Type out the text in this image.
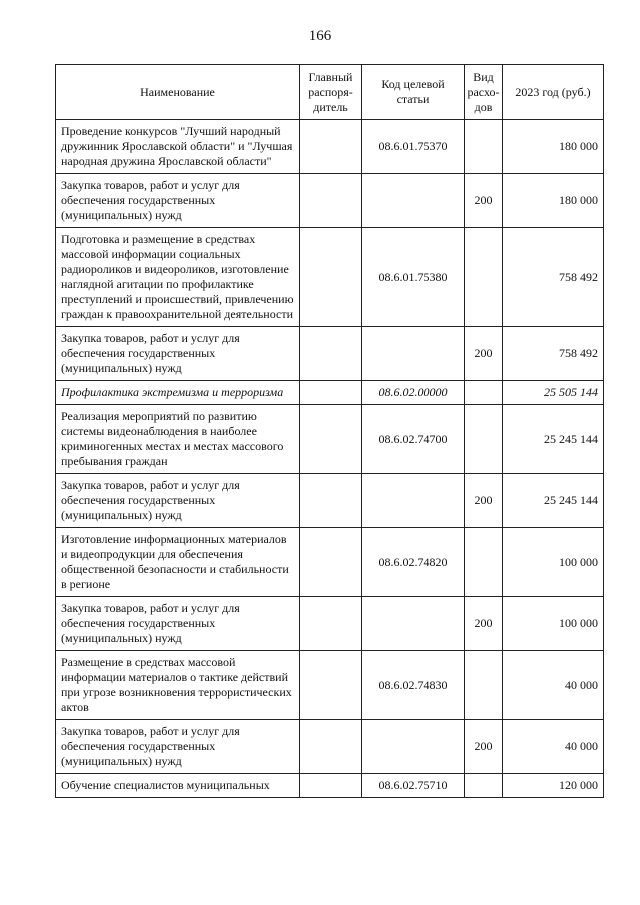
166
Наименование	Главный распоря-дитель	Код целевой статьи	Вид расхо-дов	2023 год (руб.)
Проведение конкурсов "Лучший народный дружинник Ярославской области" и "Лучшая народная дружина Ярославской области"		08.6.01.75370		180 000
Закупка товаров, работ и услуг для обеспечения государственных (муниципальных) нужд			200	180 000
Подготовка и размещение в средствах массовой информации социальных радиороликов и видеороликов, изготовление наглядной агитации по профилактике преступлений и происшествий, привлечению граждан к правоохранительной деятельности		08.6.01.75380		758 492
Закупка товаров, работ и услуг для обеспечения государственных (муниципальных) нужд			200	758 492
Профилактика экстремизма и терроризма		08.6.02.00000		25 505 144
Реализация мероприятий по развитию системы видеонаблюдения в наиболее криминогенных местах и местах массового пребывания граждан		08.6.02.74700		25 245 144
Закупка товаров, работ и услуг для обеспечения государственных (муниципальных) нужд			200	25 245 144
Изготовление информационных материалов и видеопродукции для обеспечения общественной безопасности и стабильности в регионе		08.6.02.74820		100 000
Закупка товаров, работ и услуг для обеспечения государственных (муниципальных) нужд			200	100 000
Размещение в средствах массовой информации материалов о тактике действий при угрозе возникновения террористических актов		08.6.02.74830		40 000
Закупка товаров, работ и услуг для обеспечения государственных (муниципальных) нужд			200	40 000
Обучение специалистов муниципальных		08.6.02.75710		120 000
